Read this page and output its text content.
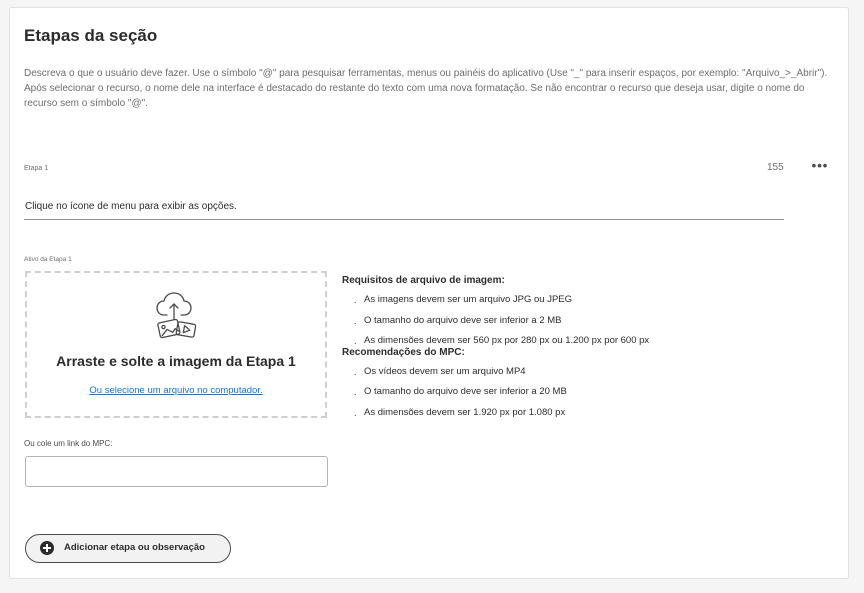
Etapas da seção
Descreva o que o usuário deve fazer. Use o símbolo "@" para pesquisar ferramentas, menus ou painéis do aplicativo (Use "_" para inserir espaços, por exemplo: "Arquivo_>_Abrir"). Após selecionar o recurso, o nome dele na interface é destacado do restante do texto com uma nova formatação. Se não encontrar o recurso que deseja usar, digite o nome do recurso sem o símbolo "@".
Etapa 1	155 •••
Clique no ícone de menu para exibir as opções.
Ativo da Etapa 1
Arraste e solte a imagem da Etapa 1
Ou selecione um arquivo no computador.
Ou cole um link do MPC:
Requisitos de arquivo de imagem:
. As imagens devem ser um arquivo JPG ou JPEG
. O tamanho do arquivo deve ser inferior a 2 MB
. As dimensões devem ser 560 px por 280 px ou 1.200 px por 600 px
Recomendações do MPC:
. Os vídeos devem ser um arquivo MP4
. O tamanho do arquivo deve ser inferior a 20 MB
. As dimensões devem ser 1.920 px por 1.080 px
Adicionar etapa ou observação
